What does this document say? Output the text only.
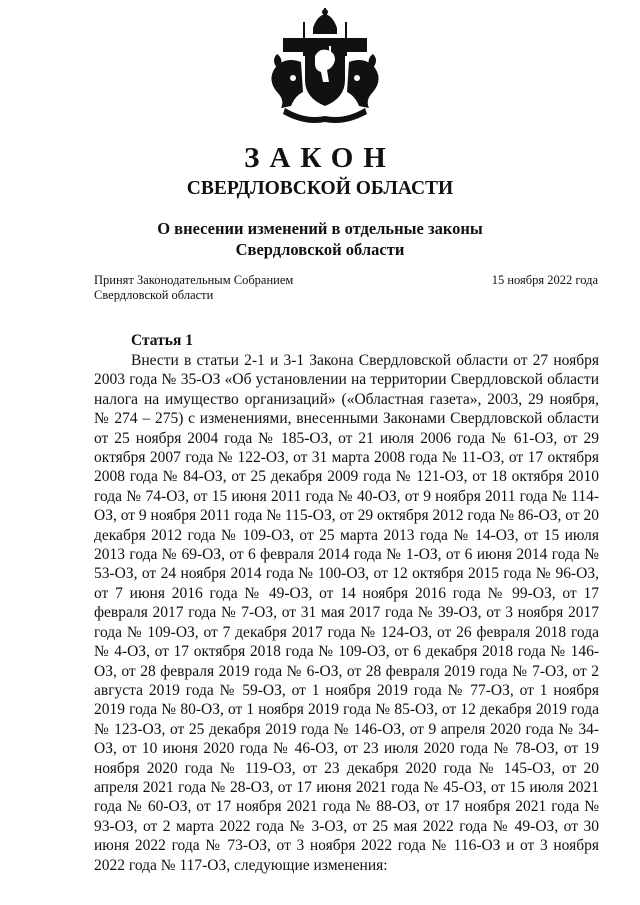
ЗАКОН
СВЕРДЛОВСКОЙ ОБЛАСТИ
О внесении изменений в отдельные законы
Свердловской области
Принят Законодательным Собранием
Свердловской области
15 ноября 2022 года
Статья 1

Внести в статьи 2-1 и 3-1 Закона Свердловской области от 27 ноября 2003 года № 35-ОЗ «Об установлении на территории Свердловской области налога на имущество организаций» («Областная газета», 2003, 29 ноября, № 274 – 275) с изменениями, внесенными Законами Свердловской области от 25 ноября 2004 года № 185-ОЗ, от 21 июля 2006 года № 61-ОЗ, от 29 октября 2007 года № 122-ОЗ, от 31 марта 2008 года № 11-ОЗ, от 17 октября 2008 года № 84-ОЗ, от 25 декабря 2009 года № 121-ОЗ, от 18 октября 2010 года № 74-ОЗ, от 15 июня 2011 года № 40-ОЗ, от 9 ноября 2011 года № 114-ОЗ, от 9 ноября 2011 года № 115-ОЗ, от 29 октября 2012 года № 86-ОЗ, от 20 декабря 2012 года № 109-ОЗ, от 25 марта 2013 года № 14-ОЗ, от 15 июля 2013 года № 69-ОЗ, от 6 февраля 2014 года № 1-ОЗ, от 6 июня 2014 года № 53-ОЗ, от 24 ноября 2014 года № 100-ОЗ, от 12 октября 2015 года № 96-ОЗ, от 7 июня 2016 года № 49-ОЗ, от 14 ноября 2016 года № 99-ОЗ, от 17 февраля 2017 года № 7-ОЗ, от 31 мая 2017 года № 39-ОЗ, от 3 ноября 2017 года № 109-ОЗ, от 7 декабря 2017 года № 124-ОЗ, от 26 февраля 2018 года № 4-ОЗ, от 17 октября 2018 года № 109-ОЗ, от 6 декабря 2018 года № 146-ОЗ, от 28 февраля 2019 года № 6-ОЗ, от 28 февраля 2019 года № 7-ОЗ, от 2 августа 2019 года № 59-ОЗ, от 1 ноября 2019 года № 77-ОЗ, от 1 ноября 2019 года № 80-ОЗ, от 1 ноября 2019 года № 85-ОЗ, от 12 декабря 2019 года № 123-ОЗ, от 25 декабря 2019 года № 146-ОЗ, от 9 апреля 2020 года № 34-ОЗ, от 10 июня 2020 года № 46-ОЗ, от 23 июля 2020 года № 78-ОЗ, от 19 ноября 2020 года № 119-ОЗ, от 23 декабря 2020 года № 145-ОЗ, от 20 апреля 2021 года № 28-ОЗ, от 17 июня 2021 года № 45-ОЗ, от 15 июля 2021 года № 60-ОЗ, от 17 ноября 2021 года № 88-ОЗ, от 17 ноября 2021 года № 93-ОЗ, от 2 марта 2022 года № 3-ОЗ, от 25 мая 2022 года № 49-ОЗ, от 30 июня 2022 года № 73-ОЗ, от 3 ноября 2022 года № 116-ОЗ и от 3 ноября 2022 года № 117-ОЗ, следующие изменения:
